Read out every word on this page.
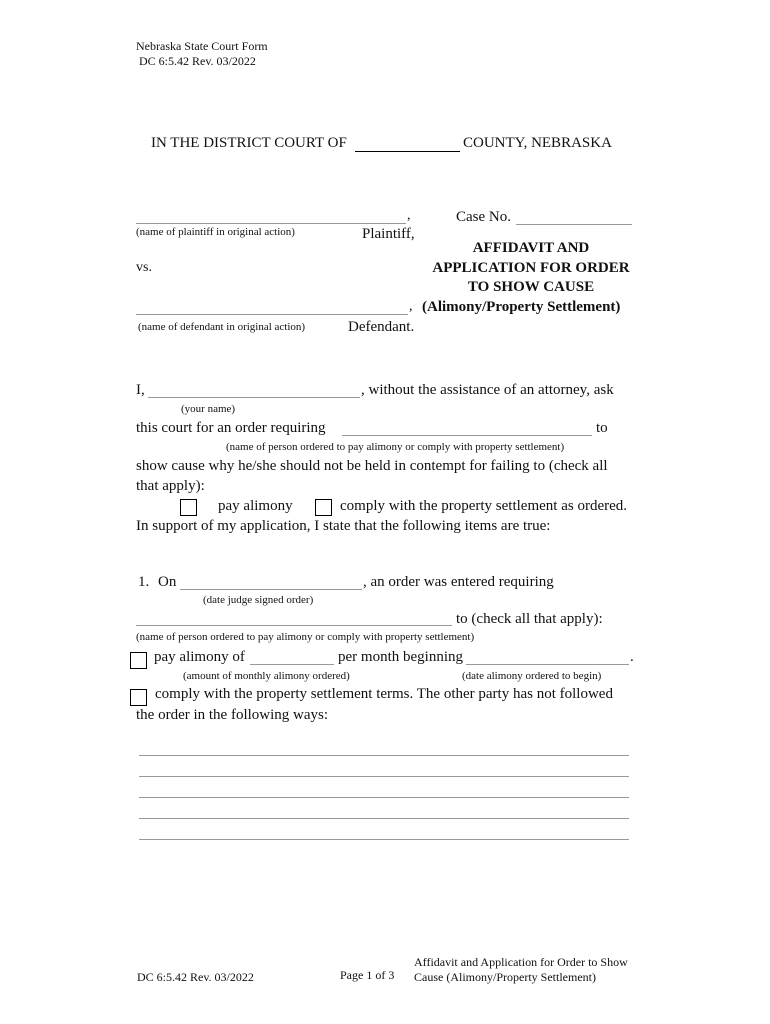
Nebraska State Court Form
DC 6:5.42 Rev. 03/2022
IN THE DISTRICT COURT OF	COUNTY, NEBRASKA
,
(name of plaintiff in original action)	Plaintiff,
vs.
,
(name of defendant in original action)	Defendant.
Case No.
AFFIDAVIT AND
APPLICATION FOR ORDER
TO SHOW CAUSE
(Alimony/Property Settlement)
I,	, without the assistance of an attorney, ask
(your name)
this court for an order requiring	to
(name of person ordered to pay alimony or comply with property settlement)
show cause why he/she should not be held in contempt for failing to (check all
that apply):
pay alimony	comply with the property settlement as ordered.
In support of my application, I state that the following items are true:
1. On	, an order was entered requiring
(date judge signed order)
to (check all that apply):
(name of person ordered to pay alimony or comply with property settlement)
pay alimony of	per month beginning	.
(amount of monthly alimony ordered)	(date alimony ordered to begin)
comply with the property settlement terms. The other party has not followed
the order in the following ways:
DC 6:5.42 Rev. 03/2022	Page 1 of 3
Affidavit and Application for Order to Show
Cause (Alimony/Property Settlement)
